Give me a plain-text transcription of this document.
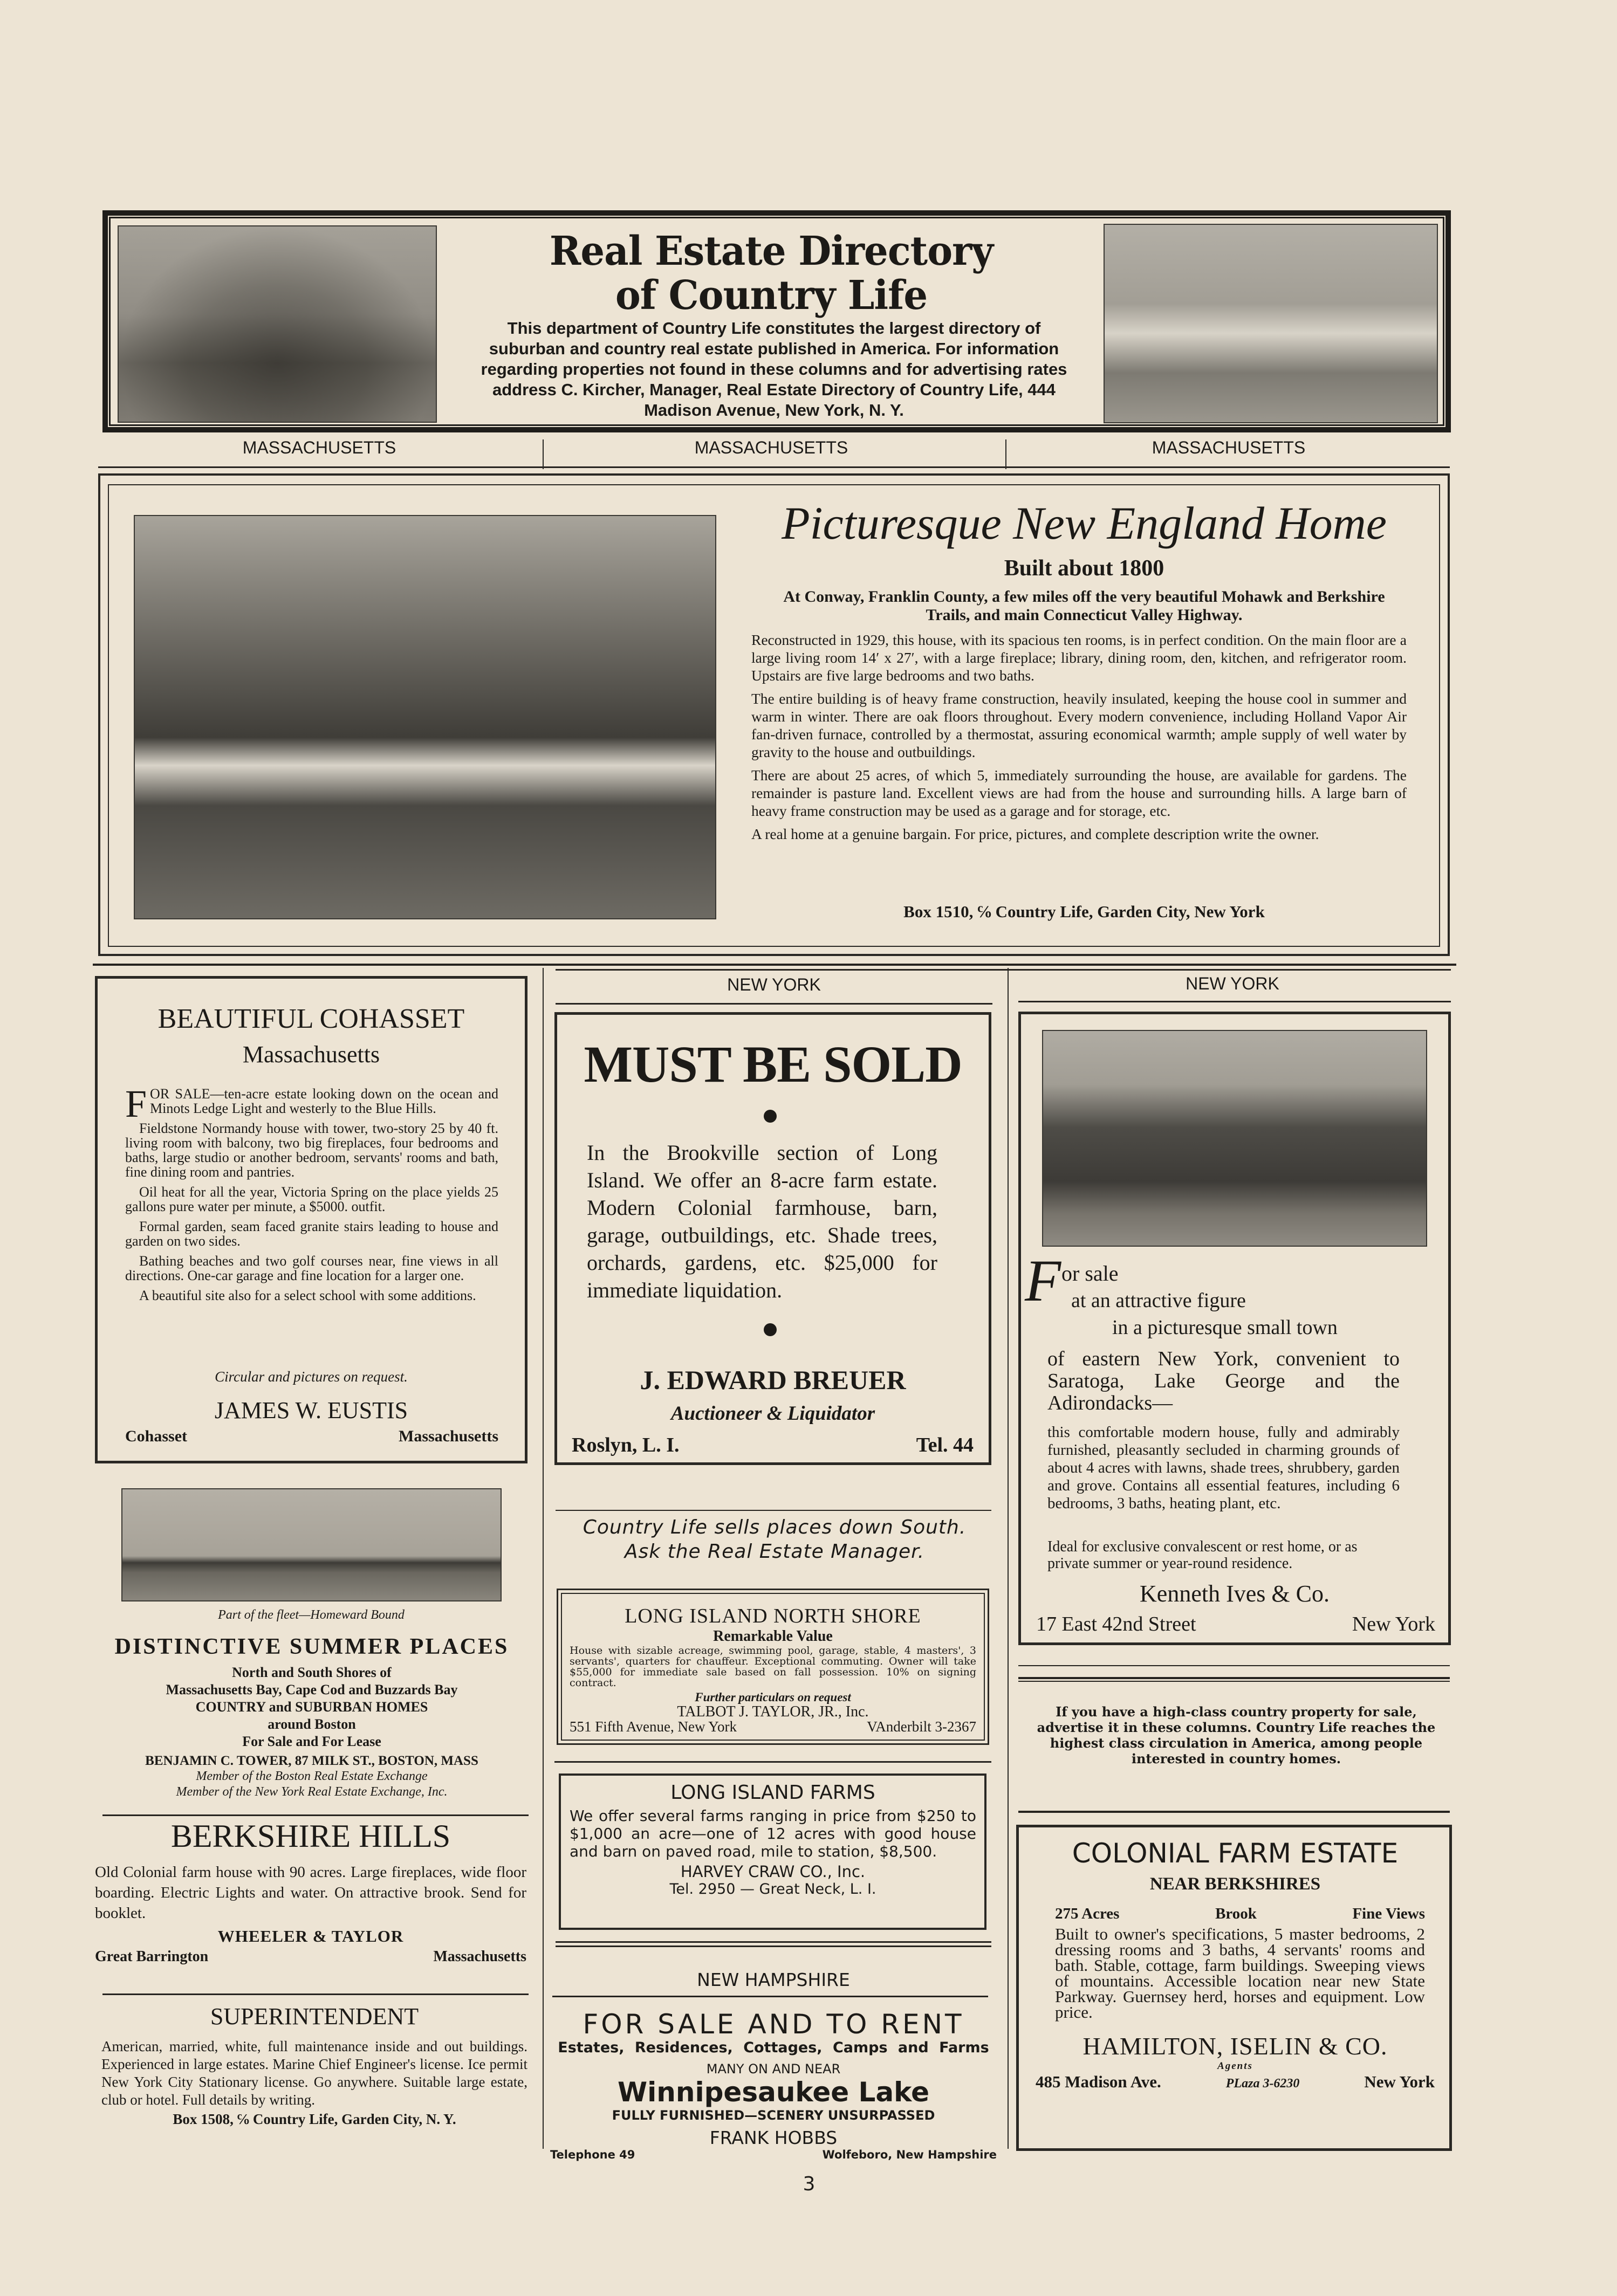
Real Estate Directory
of Country Life
This department of Country Life constitutes the largest directory of suburban and country real estate published in America. For information regarding properties not found in these columns and for advertising rates address C. Kircher, Manager, Real Estate Directory of Country Life, 444 Madison Avenue, New York, N. Y.
MASSACHUSETTS	MASSACHUSETTS	MASSACHUSETTS
Picturesque New England Home
Built about 1800
At Conway, Franklin County, a few miles off the very beautiful Mohawk and Berkshire Trails, and main Connecticut Valley Highway.

Reconstructed in 1929, this house, with its spacious ten rooms, is in perfect condition. On the main floor are a large living room 14′ x 27′, with a large fireplace; library, dining room, den, kitchen, and refrigerator room. Upstairs are five large bedrooms and two baths.

The entire building is of heavy frame construction, heavily insulated, keeping the house cool in summer and warm in winter. There are oak floors throughout. Every modern convenience, including Holland Vapor Air fan-driven furnace, controlled by a thermostat, assuring economical warmth; ample supply of well water by gravity to the house and outbuildings.

There are about 25 acres, of which 5, immediately surrounding the house, are available for gardens. The remainder is pasture land. Excellent views are had from the house and surrounding hills. A large barn of heavy frame construction may be used as a garage and for storage, etc.

A real home at a genuine bargain. For price, pictures, and complete description write the owner.

Box 1510, ℅ Country Life, Garden City, New York
BEAUTIFUL COHASSET
Massachusetts

FOR SALE—ten-acre estate looking down on the ocean and Minots Ledge Light and westerly to the Blue Hills.

Fieldstone Normandy house with tower, two-story 25 by 40 ft. living room with balcony, two big fireplaces, four bedrooms and baths, large studio or another bedroom, servants' rooms and bath, fine dining room and pantries.

Oil heat for all the year, Victoria Spring on the place yields 25 gallons pure water per minute, a $5000. outfit.

Formal garden, seam faced granite stairs leading to house and garden on two sides.

Bathing beaches and two golf courses near, fine views in all directions. One-car garage and fine location for a larger one.

A beautiful site also for a select school with some additions.

Circular and pictures on request.
JAMES W. EUSTIS
Cohasset	Massachusetts
Part of the fleet—Homeward Bound
DISTINCTIVE SUMMER PLACES
North and South Shores of
Massachusetts Bay, Cape Cod and Buzzards Bay
COUNTRY and SUBURBAN HOMES
around Boston
For Sale and For Lease
BENJAMIN C. TOWER, 87 MILK ST., BOSTON, MASS
Member of the Boston Real Estate Exchange
Member of the New York Real Estate Exchange, Inc.
BERKSHIRE HILLS
Old Colonial farm house with 90 acres. Large fireplaces, wide floor boarding. Electric Lights and water. On attractive brook. Send for booklet.
WHEELER & TAYLOR
Great Barrington	Massachusetts
SUPERINTENDENT
American, married, white, full maintenance inside and out buildings. Experienced in large estates. Marine Chief Engineer's license. Ice permit New York City Stationary license. Go anywhere. Suitable large estate, club or hotel. Full details by writing.
Box 1508, ℅ Country Life, Garden City, N. Y.
NEW YORK
MUST BE SOLD
In the Brookville section of Long Island. We offer an 8-acre farm estate. Modern Colonial farmhouse, barn, garage, outbuildings, etc. Shade trees, orchards, gardens, etc. $25,000 for immediate liquidation.
J. EDWARD BREUER
Auctioneer & Liquidator
Roslyn, L. I.	Tel. 44
Country Life sells places down South.
Ask the Real Estate Manager.
LONG ISLAND NORTH SHORE
Remarkable Value
House with sizable acreage, swimming pool, garage, stable, 4 masters', 3 servants', quarters for chauffeur. Exceptional commuting. Owner will take $55,000 for immediate sale based on fall possession. 10% on signing contract.
Further particulars on request
TALBOT J. TAYLOR, JR., Inc.
551 Fifth Avenue, New York	VAnderbilt 3-2367
LONG ISLAND FARMS
We offer several farms ranging in price from $250 to $1,000 an acre—one of 12 acres with good house and barn on paved road, mile to station, $8,500.
HARVEY CRAW CO., Inc.
Tel. 2950 — Great Neck, L. I.
NEW HAMPSHIRE
FOR SALE AND TO RENT
Estates, Residences, Cottages, Camps and Farms
MANY ON AND NEAR
Winnipesaukee Lake
FULLY FURNISHED—SCENERY UNSURPASSED
FRANK HOBBS
Telephone 49	Wolfeboro, New Hampshire
3
NEW YORK
F or sale
at an attractive figure
in a picturesque small town
of eastern New York, convenient to Saratoga, Lake George and the Adirondacks—
this comfortable modern house, fully and admirably furnished, pleasantly secluded in charming grounds of about 4 acres with lawns, shade trees, shrubbery, garden and grove. Contains all essential features, including 6 bedrooms, 3 baths, heating plant, etc.
Ideal for exclusive convalescent or rest home, or as private summer or year-round residence.
Kenneth Ives & Co.
17 East 42nd Street	New York
If you have a high-class country property for sale, advertise it in these columns. Country Life reaches the highest class circulation in America, among people interested in country homes.
COLONIAL FARM ESTATE
NEAR BERKSHIRES
275 Acres	Brook	Fine Views
Built to owner's specifications, 5 master bedrooms, 2 dressing rooms and 3 baths, 4 servants' rooms and bath. Stable, cottage, farm buildings. Sweeping views of mountains. Accessible location near new State Parkway. Guernsey herd, horses and equipment. Low price.
HAMILTON, ISELIN & CO.
Agents
485 Madison Ave.	PLaza 3-6230	New York
